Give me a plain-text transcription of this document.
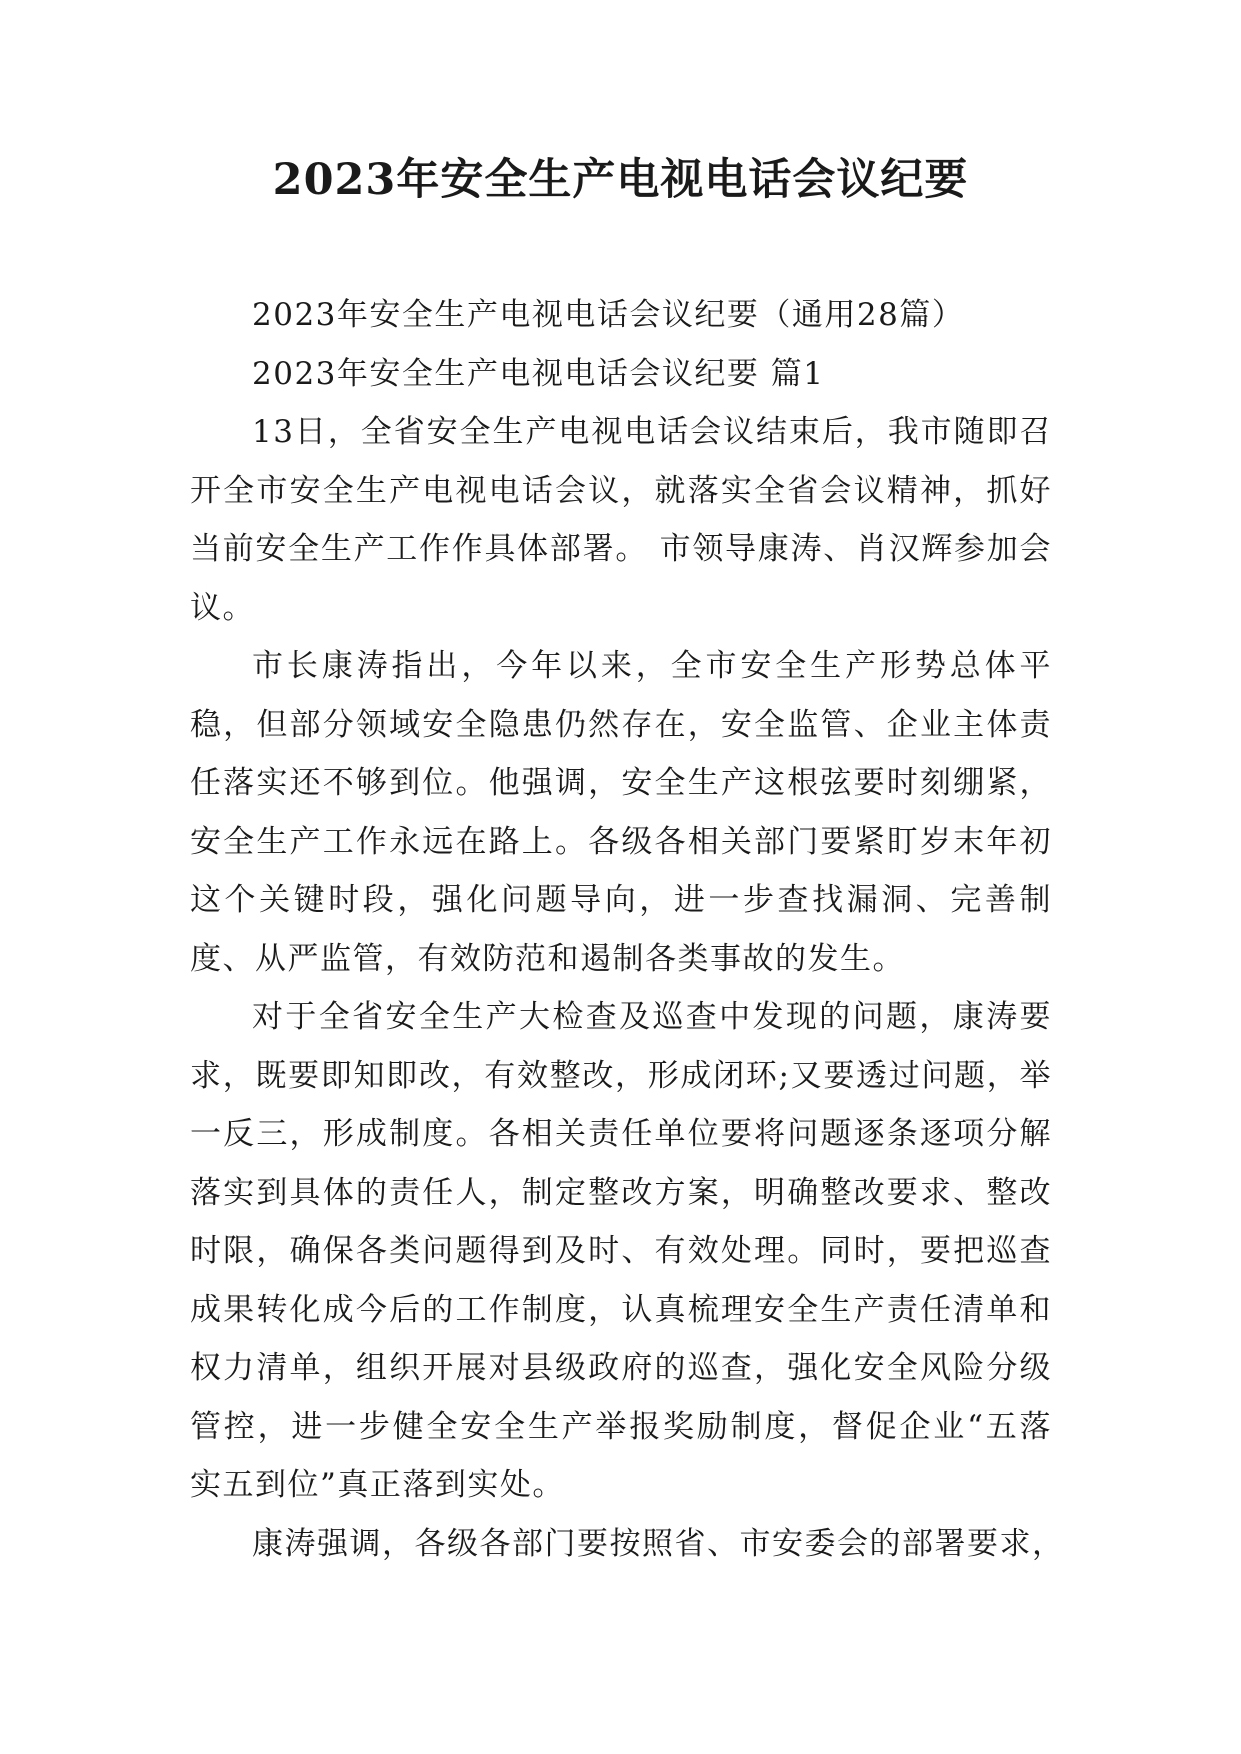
2023年安全生产电视电话会议纪要

2023年安全生产电视电话会议纪要（通用28篇）

2023年安全生产电视电话会议纪要 篇1

13日，全省安全生产电视电话会议结束后，我市随即召开全市安全生产电视电话会议，就落实全省会议精神，抓好当前安全生产工作作具体部署。 市领导康涛、肖汉辉参加会议。

市长康涛指出，今年以来，全市安全生产形势总体平稳，但部分领域安全隐患仍然存在，安全监管、企业主体责任落实还不够到位。他强调，安全生产这根弦要时刻绷紧，安全生产工作永远在路上。各级各相关部门要紧盯岁末年初这个关键时段，强化问题导向，进一步查找漏洞、完善制度、从严监管，有效防范和遏制各类事故的发生。

对于全省安全生产大检查及巡查中发现的问题，康涛要求，既要即知即改，有效整改，形成闭环;又要透过问题，举一反三，形成制度。各相关责任单位要将问题逐条逐项分解落实到具体的责任人，制定整改方案，明确整改要求、整改时限，确保各类问题得到及时、有效处理。同时，要把巡查成果转化成今后的工作制度，认真梳理安全生产责任清单和权力清单，组织开展对县级政府的巡查，强化安全风险分级管控，进一步健全安全生产举报奖励制度，督促企业“五落实五到位”真正落到实处。

康涛强调，各级各部门要按照省、市安委会的部署要求，
